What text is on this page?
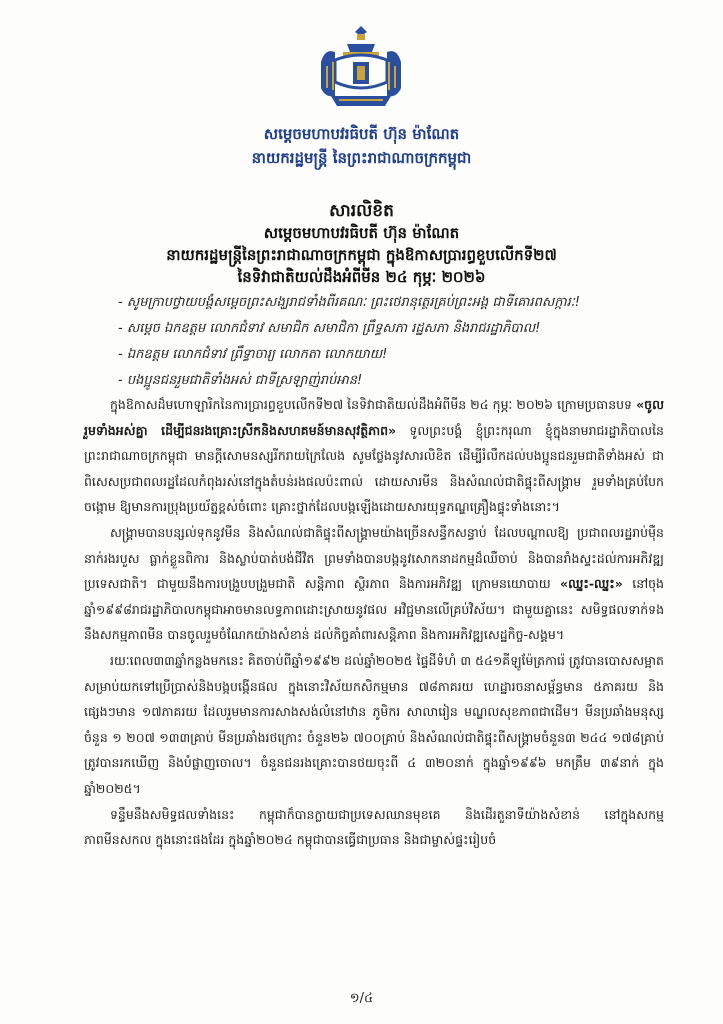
សម្តេចមហាបវរធិបតី ហ៊ុន ម៉ាណែត
នាយករដ្ឋមន្ត្រី នៃព្រះរាជាណាចក្រកម្ពុជា
សារលិខិត
សម្តេចមហាបវរធិបតី ហ៊ុន ម៉ាណែត
នាយករដ្ឋមន្ត្រីនៃព្រះរាជាណាចក្រកម្ពុជា ក្នុងឱកាសប្រារព្ធខួបលើកទី២៧
នៃទិវាជាតិយល់ដឹងអំពីមីន ២៤ កុម្ភៈ ២០២៦
- សូមក្រាបថ្វាយបង្គំសម្តេចព្រះសង្ឃរាជទាំងពីរគណៈ ព្រះថេរានុត្ថេរគ្រប់ព្រះអង្គ ជាទីគោរពសក្ការៈ!
- សម្តេច ឯកឧត្តម លោកជំទាវ សមាជិក សមាជិកា ព្រឹទ្ធសភា រដ្ឋសភា និងរាជរដ្ឋាភិបាល!
- ឯកឧត្តម លោកជំទាវ ព្រឹទ្ធាចារ្យ លោកតា លោកយាយ!
- បងប្អូនជនរួមជាតិទាំងអស់ ជាទីស្រឡាញ់រាប់អាន!

ក្នុងឱកាសដ៏មហោឡារិកនៃការប្រារព្ធខួបលើកទី២៧ នៃទិវាជាតិយល់ដឹងអំពីមីន ២៤ កុម្ភៈ ២០២៦ ក្រោមប្រធានបទ «ចូលរួមទាំងអស់គ្នា ដើម្បីជនរងគ្រោះស្រីកនិងសហគមន៍មានសុវត្ថិភាព» ទូលព្រះបង្គំ ខ្ញុំព្រះករុណា ខ្ញុំក្នុងនាមរាជរដ្ឋាភិបាលនៃព្រះរាជាណាចក្រកម្ពុជា មានក្តីសោមនស្សរីករាយក្រៃលែង សូមថ្លែងនូវសារលិខិត ដើម្បីរំលឹកដល់បងប្អូនជនរួមជាតិទាំងអស់ ជាពិសេសប្រជាពលរដ្ឋដែលកំពុងរស់នៅក្នុងតំបន់រងផលប៉ះពាល់ ដោយសារមីន និងសំណល់ជាតិផ្ទុះពីសង្គ្រាម រួមទាំងគ្រប់បែកចង្កោម ឱ្យមានការប្រុងប្រយ័ត្នខ្ពស់ចំពោះ គ្រោះថ្នាក់ដែលបង្កឡើងដោយសារយុទ្ធភណ្ឌគ្រឿងផ្ទុះទាំងនោះ។

សង្គ្រាមបានបន្សល់ទុកនូវមីន និងសំណល់ជាតិផ្ទុះពីសង្គ្រាមយ៉ាងច្រើនសន្ធឹកសន្ធាប់ ដែលបណ្តាលឱ្យ ប្រជាពលរដ្ឋរាប់ម៉ឺននាក់រងរបួស ធ្លាក់ខ្លួនពិការ និងស្លាប់បាត់បង់ជីវិត ព្រមទាំងបានបង្កនូវសោកនាដកម្មដ៏ឈឺចាប់ និងបានរាំងស្ទះដល់ការអភិវឌ្ឍប្រទេសជាតិ។ ជាមួយនឹងការបង្រួបបង្រួមជាតិ សន្តិភាព ស្ថិរភាព និងការអភិវឌ្ឍ ក្រោមនយោបាយ «ឈ្នះ-ឈ្នះ» នៅចុងឆ្នាំ១៩៩៨រាជរដ្ឋាភិបាលកម្ពុជាអាចមានលទ្ធភាពដោះស្រាយនូវផល អវិជ្ជមានលើគ្រប់វិស័យ។ ជាមួយគ្នានេះ សមិទ្ធផលទាក់ទងនឹងសកម្មភាពមីន បានចូលរួមចំណែកយ៉ាងសំខាន់ ដល់កិច្ចគាំពារសន្តិភាព និងការអភិវឌ្ឍសេដ្ឋកិច្ច-សង្គម។

រយៈពេល៣៣ឆ្នាំកន្លងមកនេះ គិតចាប់ពីឆ្នាំ១៩៩២ ដល់ឆ្នាំ២០២៥ ផ្ទៃដីទំហំ ៣ ៥៤១គីឡូម៉ែត្រការ៉េ ត្រូវបានបោសសម្អាតសម្រាប់យកទៅប្រើប្រាស់និងបង្កបង្កើនផល ក្នុងនោះវិស័យកសិកម្មមាន ៧៨ភាគរយ ហេដ្ឋារចនាសម្ព័ន្ធមាន ៥ភាគរយ និងផ្សេងៗមាន ១៧ភាគរយ ដែលរួមមានការសាងសង់លំនៅឋាន ភូមិករ សាលារៀន មណ្ឌលសុខភាពជាដើម។ មីនប្រឆាំងមនុស្សចំនួន ១ ២០៧ ១៣៣គ្រាប់ មីនប្រឆាំងរថក្រោះ ចំនួន២៦ ៧០០គ្រាប់ និងសំណល់ជាតិផ្ទុះពីសង្គ្រាមចំនួន៣ ២៤៤ ១៧៨គ្រាប់ ត្រូវបានរកឃើញ និងបំផ្លាញចោល។ ចំនួនជនរងគ្រោះបានថយចុះពី ៤ ៣២០នាក់ ក្នុងឆ្នាំ១៩៩៦ មកត្រឹម ៣៩នាក់ ក្នុងឆ្នាំ២០២៥។

ទន្ទឹមនឹងសមិទ្ធផលទាំងនេះ កម្ពុជាក៏បានក្លាយជាប្រទេសឈានមុខគេ និងដើរតួនាទីយ៉ាងសំខាន់ នៅក្នុងសកម្មភាពមីនសកល ក្នុងនោះផងដែរ ក្នុងឆ្នាំ២០២៤ កម្ពុជាបានធ្វើជាប្រធាន និងជាម្ចាស់ផ្ទះរៀបចំ

១/៤
